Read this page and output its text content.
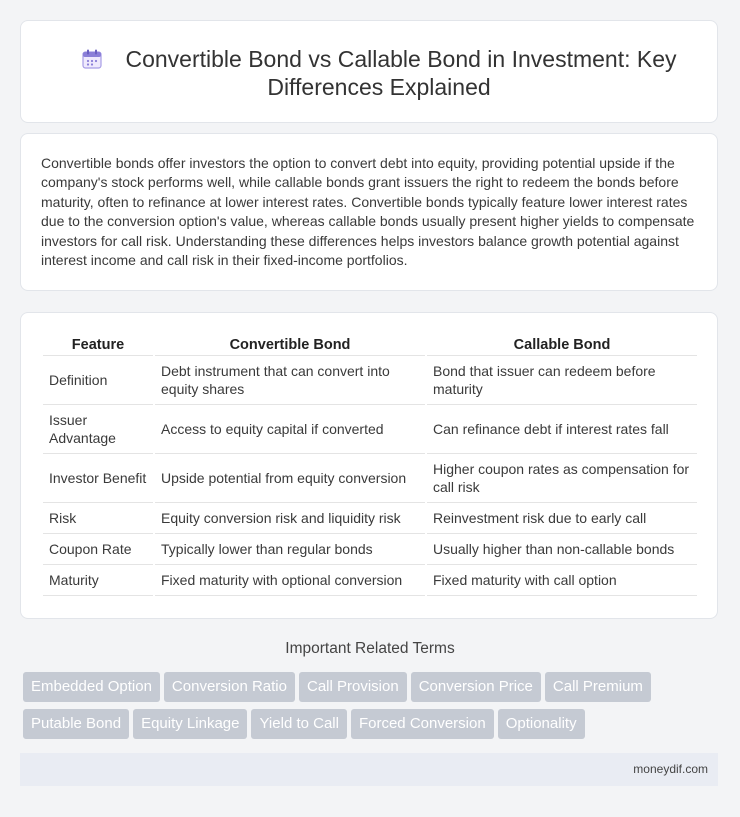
Convertible Bond vs Callable Bond in Investment: Key Differences Explained

Convertible bonds offer investors the option to convert debt into equity, providing potential upside if the company's stock performs well, while callable bonds grant issuers the right to redeem the bonds before maturity, often to refinance at lower interest rates. Convertible bonds typically feature lower interest rates due to the conversion option's value, whereas callable bonds usually present higher yields to compensate investors for call risk. Understanding these differences helps investors balance growth potential against interest income and call risk in their fixed-income portfolios.

Feature	Convertible Bond	Callable Bond
Definition	Debt instrument that can convert into equity shares	Bond that issuer can redeem before maturity
Issuer Advantage	Access to equity capital if converted	Can refinance debt if interest rates fall
Investor Benefit	Upside potential from equity conversion	Higher coupon rates as compensation for call risk
Risk	Equity conversion risk and liquidity risk	Reinvestment risk due to early call
Coupon Rate	Typically lower than regular bonds	Usually higher than non-callable bonds
Maturity	Fixed maturity with optional conversion	Fixed maturity with call option
Important Related Terms
Embedded Option Conversion Ratio Call Provision Conversion Price Call Premium
Putable Bond Equity Linkage Yield to Call Forced Conversion Optionality
moneydif.com
